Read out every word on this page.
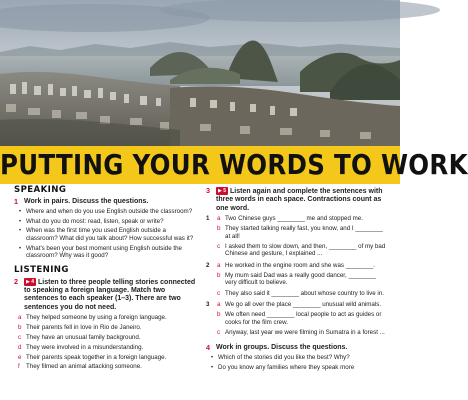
PUTTING YOUR WORDS TO WORK
SPEAKING
1 Work in pairs. Discuss the questions.
• Where and when do you use English outside the classroom?
• What do you do most: read, listen, speak or write?
• When was the first time you used English outside a classroom? What did you talk about? How successful was it?
• What's been your best moment using English outside the classroom? Why was it good?
LISTENING
2	▶ 4 Listen to three people telling stories connected to speaking a foreign language. Match two sentences to each speaker (1–3). There are two sentences you do not need.
a They helped someone by using a foreign language.
b Their parents fell in love in Rio de Janeiro.
c They have an unusual family background.
d They were involved in a misunderstanding.
e Their parents speak together in a foreign language.
f They filmed an animal attacking someone.
3	▶ 5 Listen again and complete the sentences with three words in each space. Contractions count as one word.
1	a Two Chinese guys ________ me and stopped me.
b They started talking really fast, you know, and I ________ at all!
c I asked them to slow down, and then, ________ of my bad Chinese and gesture, I explained ...
2	a He worked in the engine room and she was ________.
b My mum said Dad was a really good dancer, ________ very difficult to believe.
c They also said it ________ about whose country to live in.
3	a We go all over the place ________ unusual wild animals.
b We often need ________ local people to act as guides or cooks for the film crew.
c Anyway, last year we were filming in Sumatra in a forest ...
4 Work in groups. Discuss the questions.
• Which of the stories did you like the best? Why?
• Do you know any families where they speak more
